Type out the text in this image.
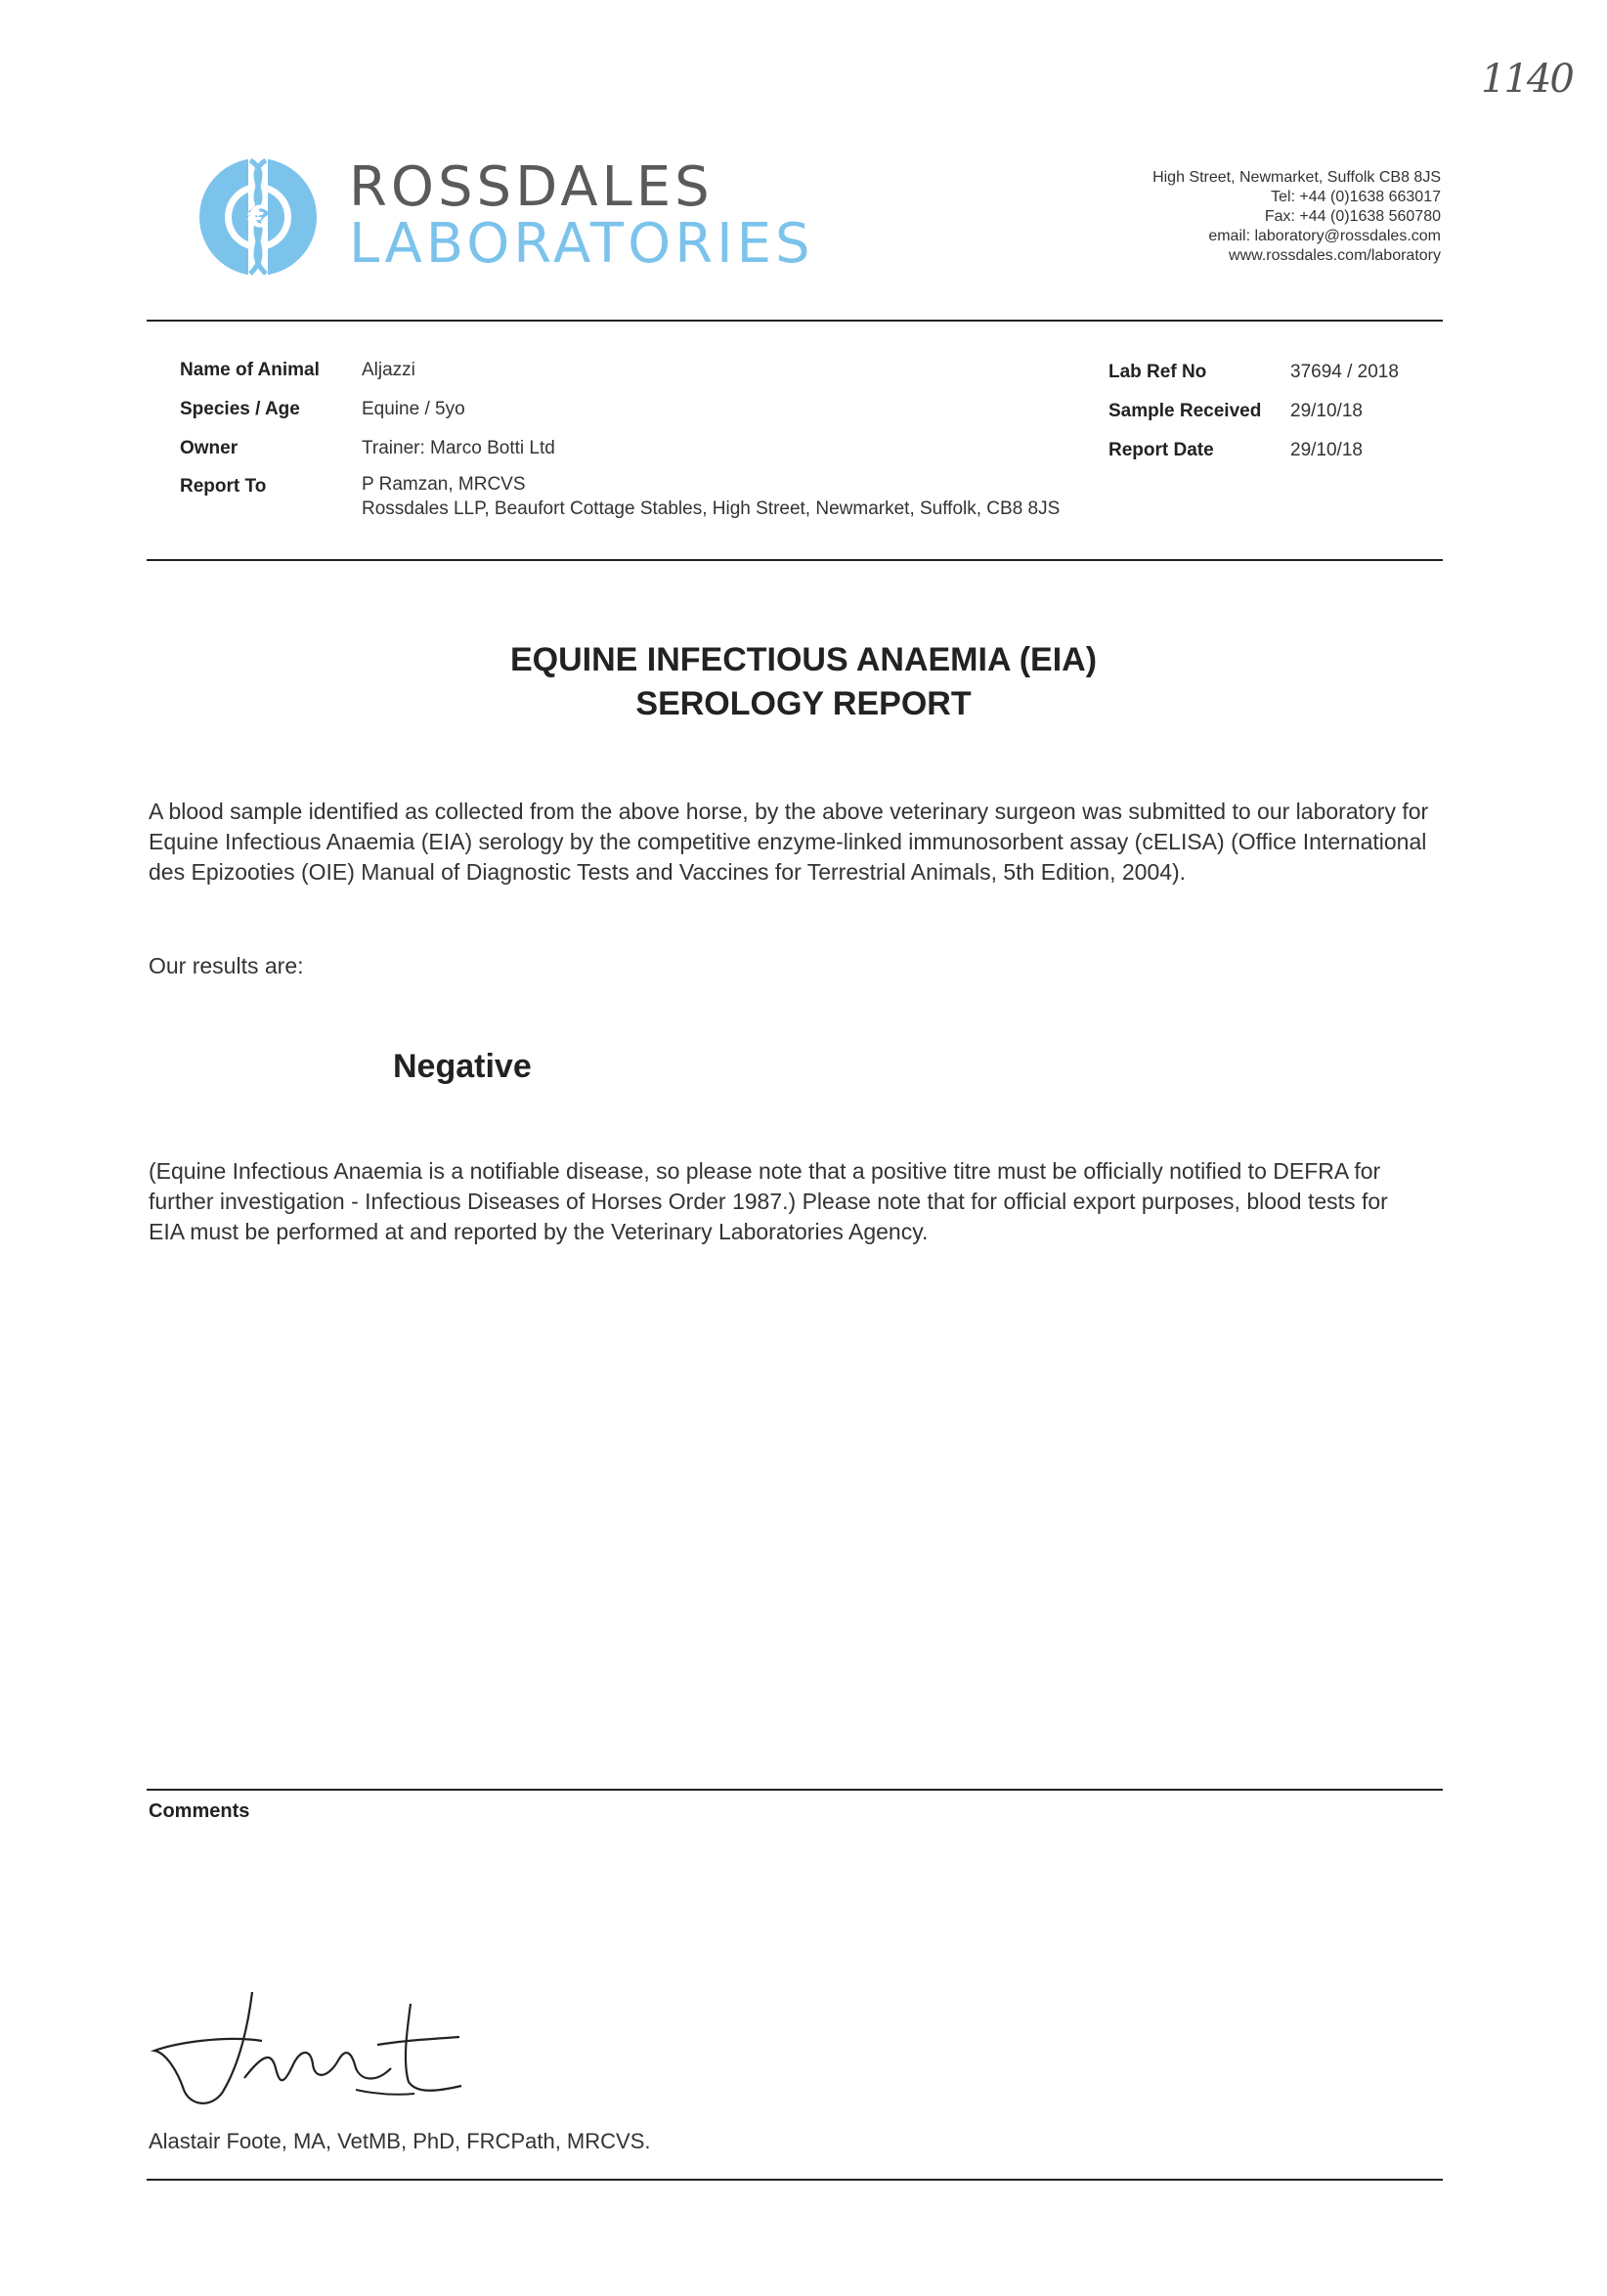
1140
€ ROSSDALES
LABORATORIES
High Street, Newmarket, Suffolk CB8 8JS
Tel: +44 (0)1638 663017
Fax: +44 (0)1638 560780
email: laboratory@rossdales.com
www.rossdales.com/laboratory
Name of Animal Aljazzi
Species / Age	Equine / 5yo
Owner	Trainer: Marco Botti Ltd
Report To	P Ramzan, MRCVS
Rossdales LLP, Beaufort Cottage Stables, High Street, Newmarket, Suffolk, CB8 8JS
Lab Ref No	37694 / 2018
Sample Received 29/10/18
Report Date	29/10/18
EQUINE INFECTIOUS ANAEMIA (EIA)
SEROLOGY REPORT
A blood sample identified as collected from the above horse, by the above veterinary surgeon was submitted to our laboratory for Equine Infectious Anaemia (EIA) serology by the competitive enzyme-linked immunosorbent assay (cELISA) (Office International des Epizooties (OIE) Manual of Diagnostic Tests and Vaccines for Terrestrial Animals, 5th Edition, 2004).
Our results are:
Negative
(Equine Infectious Anaemia is a notifiable disease, so please note that a positive titre must be officially notified to DEFRA for further investigation - Infectious Diseases of Horses Order 1987.) Please note that for official export purposes, blood tests for EIA must be performed at and reported by the Veterinary Laboratories Agency.
Comments
Alastair Foote, MA, VetMB, PhD, FRCPath, MRCVS.
